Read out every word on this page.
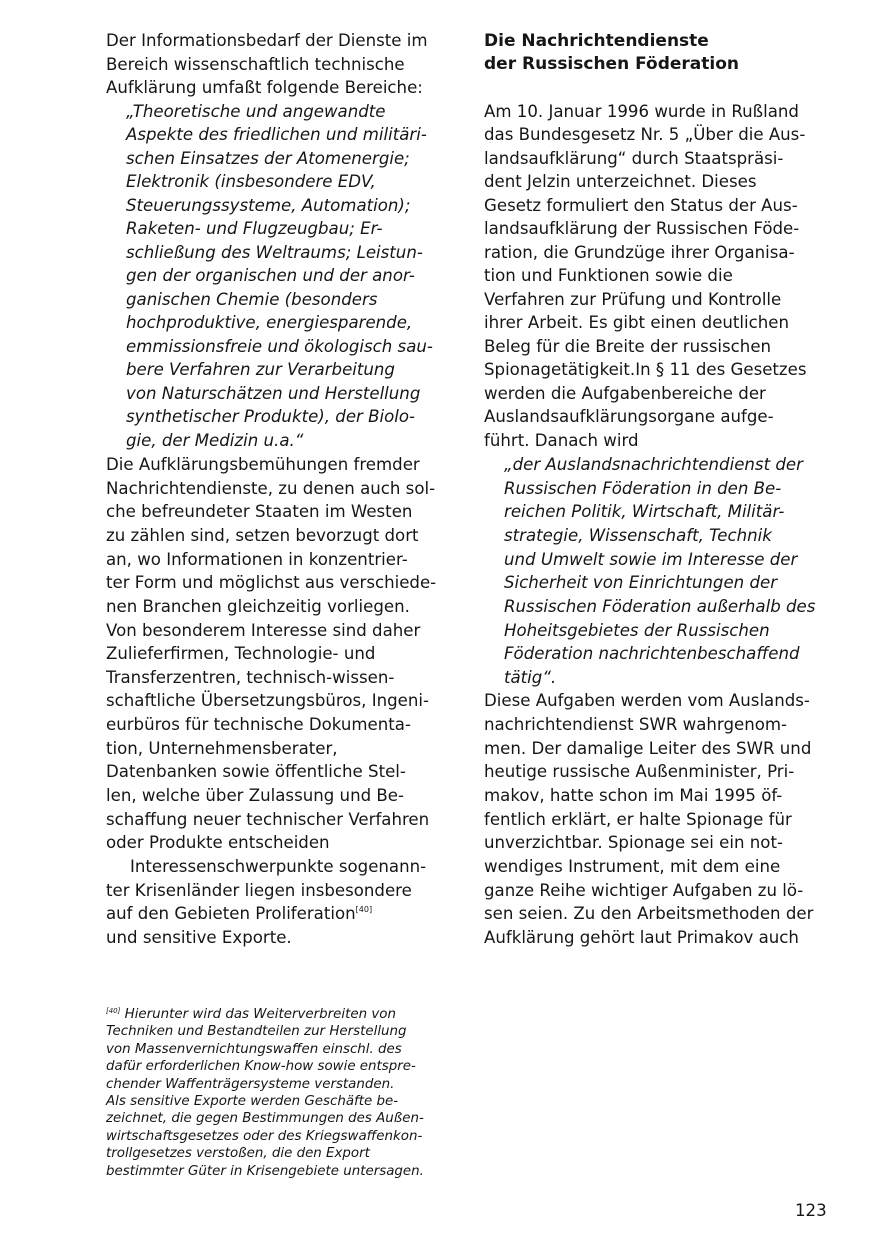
Der Informationsbedarf der Dienste im
Bereich wissenschaftlich technische
Aufklärung umfaßt folgende Bereiche:
„Theoretische und angewandte
Aspekte des friedlichen und militäri-
schen Einsatzes der Atomenergie;
Elektronik (insbesondere EDV,
Steuerungssysteme, Automation);
Raketen- und Flugzeugbau; Er-
schließung des Weltraums; Leistun-
gen der organischen und der anor-
ganischen Chemie (besonders
hochproduktive, energiesparende,
emmissionsfreie und ökologisch sau-
bere Verfahren zur Verarbeitung
von Naturschätzen und Herstellung
synthetischer Produkte), der Biolo-
gie, der Medizin u.a.“
Die Aufklärungsbemühungen fremder
Nachrichtendienste, zu denen auch sol-
che befreundeter Staaten im Westen
zu zählen sind, setzen bevorzugt dort
an, wo Informationen in konzentrier-
ter Form und möglichst aus verschiede-
nen Branchen gleichzeitig vorliegen.
Von besonderem Interesse sind daher
Zulieferfirmen, Technologie- und
Transferzentren, technisch-wissen-
schaftliche Übersetzungsbüros, Ingeni-
eurbüros für technische Dokumenta-
tion, Unternehmensberater,
Datenbanken sowie öffentliche Stel-
len, welche über Zulassung und Be-
schaffung neuer technischer Verfahren
oder Produkte entscheiden
Interessenschwerpunkte sogenann-
ter Krisenländer liegen insbesondere
auf den Gebieten Proliferation[40]
und sensitive Exporte.
[40] Hierunter wird das Weiterverbreiten von
Techniken und Bestandteilen zur Herstellung
von Massenvernichtungswaffen einschl. des
dafür erforderlichen Know-how sowie entspre-
chender Waffenträgersysteme verstanden.
Als sensitive Exporte werden Geschäfte be-
zeichnet, die gegen Bestimmungen des Außen-
wirtschaftsgesetzes oder des Kriegswaffenkon-
trollgesetzes verstoßen, die den Export
bestimmter Güter in Krisengebiete untersagen.
Die Nachrichtendienste
der Russischen Föderation
Am 10. Januar 1996 wurde in Rußland
das Bundesgesetz Nr. 5 „Über die Aus-
landsaufklärung“ durch Staatspräsi-
dent Jelzin unterzeichnet. Dieses
Gesetz formuliert den Status der Aus-
landsaufklärung der Russischen Föde-
ration, die Grundzüge ihrer Organisa-
tion und Funktionen sowie die
Verfahren zur Prüfung und Kontrolle
ihrer Arbeit. Es gibt einen deutlichen
Beleg für die Breite der russischen
Spionagetätigkeit.In § 11 des Gesetzes
werden die Aufgabenbereiche der
Auslandsaufklärungsorgane aufge-
führt. Danach wird
„der Auslandsnachrichtendienst der
Russischen Föderation in den Be-
reichen Politik, Wirtschaft, Militär-
strategie, Wissenschaft, Technik
und Umwelt sowie im Interesse der
Sicherheit von Einrichtungen der
Russischen Föderation außerhalb des
Hoheitsgebietes der Russischen
Föderation nachrichtenbeschaffend
tätig“.
Diese Aufgaben werden vom Auslands-
nachrichtendienst SWR wahrgenom-
men. Der damalige Leiter des SWR und
heutige russische Außenminister, Pri-
makov, hatte schon im Mai 1995 öf-
fentlich erklärt, er halte Spionage für
unverzichtbar. Spionage sei ein not-
wendiges Instrument, mit dem eine
ganze Reihe wichtiger Aufgaben zu lö-
sen seien. Zu den Arbeitsmethoden der
Aufklärung gehört laut Primakov auch
123
